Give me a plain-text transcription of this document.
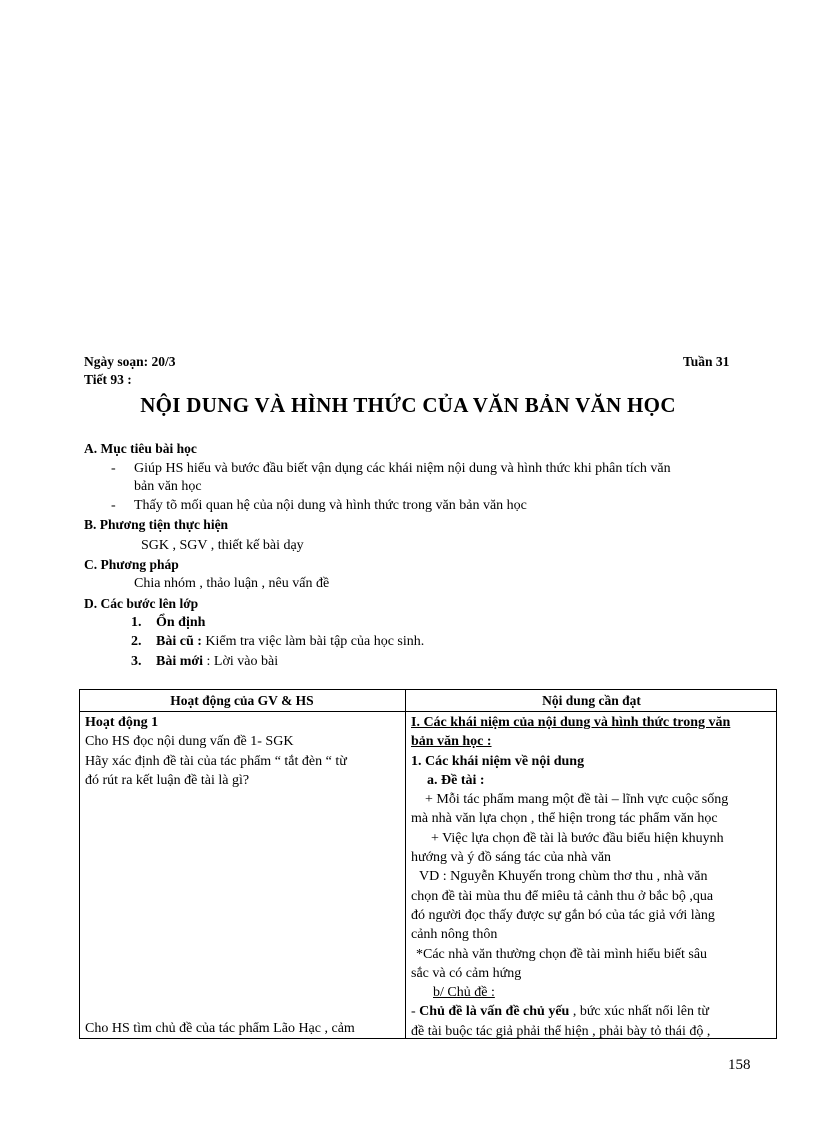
Ngày soạn: 20/3	Tuần 31
Tiết 93 :
NỘI DUNG VÀ HÌNH THỨC CỦA VĂN BẢN VĂN HỌC
A. Mục tiêu bài học
- Giúp HS hiểu và bước đầu biết vận dụng các khái niệm nội dung và hình thức khi phân tích văn
bản văn học
- Thấy tõ mối quan hệ của nội dung và hình thức trong văn bản văn học
B. Phương tiện thực hiện
SGK , SGV , thiết kế bài dạy
C. Phương pháp
Chia nhóm , thảo luận , nêu vấn đề
D. Các bước lên lớp
1. Ổn định
2. Bài cũ : Kiểm tra việc làm bài tập của học sinh.
3. Bài mới : Lời vào bài
Hoạt động của GV & HS	Nội dung cần đạt
Hoạt động 1
Cho HS đọc nội dung vấn đề 1- SGK
Hãy xác định đề tài của tác phẩm “ tắt đèn “ từ
đó rút ra kết luận đề tài là gì?
Cho HS tìm chủ đề của tác phẩm Lão Hạc , cảm
I. Các khái niệm của nội dung và hình thức trong văn
bản văn học :
1. Các khái niệm về nội dung
a. Đề tài :
+ Mỗi tác phẩm mang một đề tài – lĩnh vực cuộc sống
mà nhà văn lựa chọn , thể hiện trong tác phẩm văn học
+ Việc lựa chọn đề tài là bước đầu biểu hiện khuynh
hướng và ý đồ sáng tác của nhà văn
VD : Nguyễn Khuyến trong chùm thơ thu , nhà văn
chọn đề tài mùa thu để miêu tả cảnh thu ở bắc bộ ,qua
đó người đọc thấy được sự gắn bó của tác giả với làng
cảnh nông thôn
*Các nhà văn thường chọn đề tài mình hiểu biết sâu
sắc và có cảm hứng
b/ Chủ đề :
- Chủ đề là vấn đề chủ yếu , bức xúc nhất nổi lên từ
đề tài buộc tác giả phải thể hiện , phải bày tỏ thái độ ,
158
